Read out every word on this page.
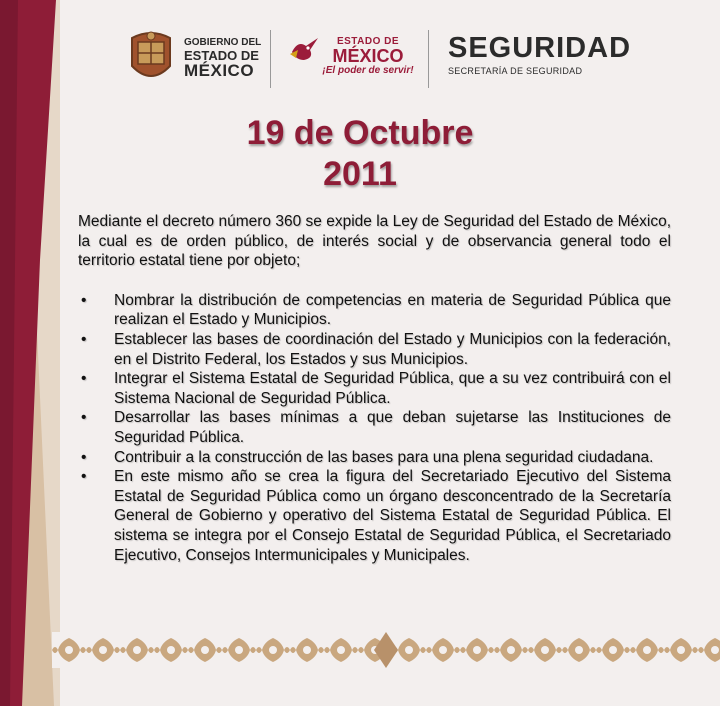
GOBIERNO DEL
ESTADO DE
MÉXICO
ESTADO DE
MÉXICO
¡El poder de servir!
SEGURIDAD
SECRETARÍA DE SEGURIDAD
19 de Octubre
2011

Mediante el decreto número 360 se expide la Ley de Seguridad del Estado de México, la cual es de orden público, de interés social y de observancia general todo el territorio estatal tiene por objeto;

• Nombrar la distribución de competencias en materia de Seguridad Pública que realizan el Estado y Municipios.
• Establecer las bases de coordinación del Estado y Municipios con la federación, en el Distrito Federal, los Estados y sus Municipios.
• Integrar el Sistema Estatal de Seguridad Pública, que a su vez contribuirá con el Sistema Nacional de Seguridad Pública.
• Desarrollar las bases mínimas a que deban sujetarse las Instituciones de Seguridad Pública.
• Contribuir a la construcción de las bases para una plena seguridad ciudadana.
• En este mismo año se crea la figura del Secretariado Ejecutivo del Sistema Estatal de Seguridad Pública como un órgano desconcentrado de la Secretaría General de Gobierno y operativo del Sistema Estatal de Seguridad Pública. El sistema se integra por el Consejo Estatal de Seguridad Pública, el Secretariado Ejecutivo, Consejos Intermunicipales y Municipales.
